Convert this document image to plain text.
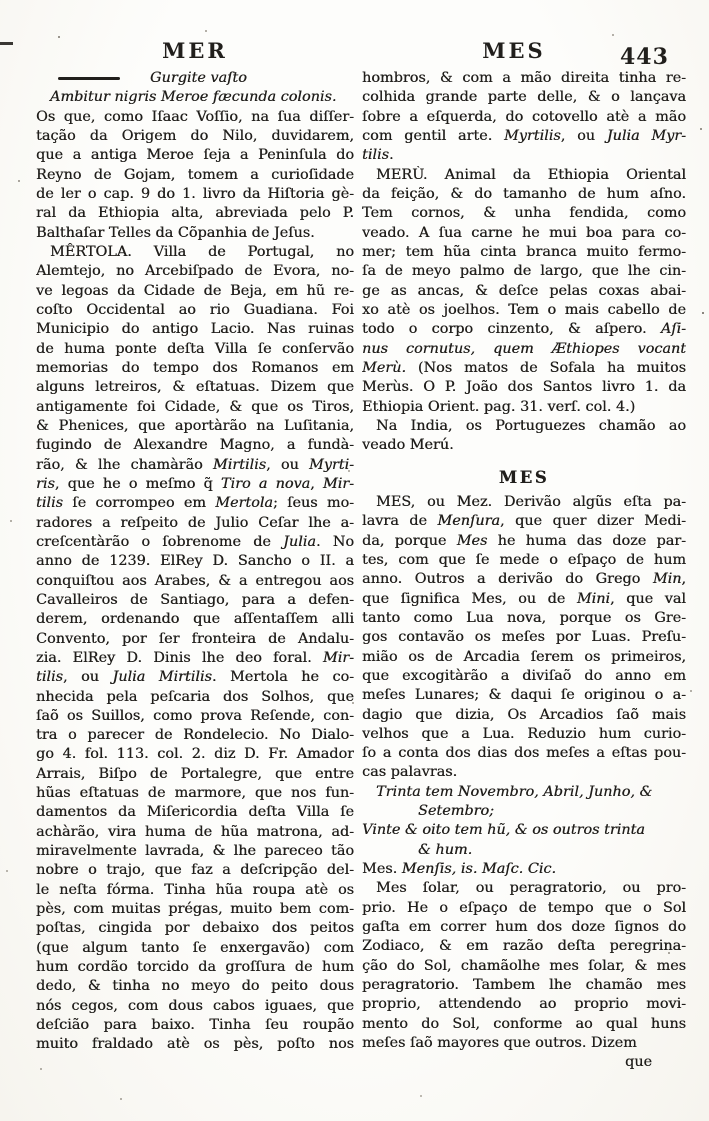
MER	MES	443
Gurgite vaſto
Ambitur nigris Meroe fæcunda colonis.
Os que, como Iſaac Voſſio, na ſua diſſer-
tação da Origem do Nilo, duvidarem,
que a antiga Meroe ſeja a Peninſula do
Reyno de Gojam, tomem a curioſidade
de ler o cap. 9 do 1. livro da Hiſtoria gè-
ral da Ethiopia alta, abreviada pelo P.
Balthaſar Telles da Cõpanhia de Jeſus.
MÊRTOLA. Villa de Portugal, no
Alemtejo, no Arcebiſpado de Evora, no-
ve legoas da Cidade de Beja, em hũ re-
coſto Occidental ao rio Guadiana. Foi
Municipio do antigo Lacio. Nas ruinas
de huma ponte deſta Villa ſe conſervão
memorias do tempo dos Romanos em
alguns letreiros, & eſtatuas. Dizem que
antigamente foi Cidade, & que os Tiros,
& Phenices, que aportàrão na Luſitania,
fugindo de Alexandre Magno, a fundà-
rão, & lhe chamàrão Mirtilis, ou Myrti-
ris, que he o meſmo q̃ Tiro a nova, Mir-
tilis ſe corrompeo em Mertola; ſeus mo-
radores a reſpeito de Julio Ceſar lhe a-
creſcentàrão o ſobrenome de Julia. No
anno de 1239. ElRey D. Sancho o II. a
conquiſtou aos Arabes, & a entregou aos
Cavalleiros de Santiago, para a defen-
derem, ordenando que aſſentaſſem alli
Convento, por ſer fronteira de Andalu-
zia. ElRey D. Dinis lhe deo foral. Mir-
tilis, ou Julia Mirtilis. Mertola he co-
nhecida pela peſcaria dos Solhos, que
ſaõ os Suillos, como prova Reſende, con-
tra o parecer de Rondelecio. No Dialo-
go 4. fol. 113. col. 2. diz D. Fr. Amador
Arrais, Biſpo de Portalegre, que entre
hũas eſtatuas de marmore, que nos fun-
damentos da Miſericordia deſta Villa ſe
achàrão, vira huma de hũa matrona, ad-
miravelmente lavrada, & lhe pareceo tão
nobre o trajo, que faz a deſcripção del-
le neſta fórma. Tinha hũa roupa atè os
pès, com muitas prégas, muito bem com-
poſtas, cingida por debaixo dos peitos
(que algum tanto ſe enxergavão) com
hum cordão torcido da groſſura de hum
dedo, & tinha no meyo do peito dous
nós cegos, com dous cabos iguaes, que
deſcião para baixo. Tinha ſeu roupão
muito fraldado atè os pès, poſto nos
hombros, & com a mão direita tinha re-
colhida grande parte delle, & o lançava
ſobre a eſquerda, do cotovello atè a mão
com gentil arte. Myrtilis, ou Julia Myr-
tilis.
MERÙ. Animal da Ethiopia Oriental
da feição, & do tamanho de hum aſno.
Tem cornos, & unha fendida, como
veado. A ſua carne he mui boa para co-
mer; tem hũa cinta branca muito fermo-
ſa de meyo palmo de largo, que lhe cin-
ge as ancas, & deſce pelas coxas abai-
xo atè os joelhos. Tem o mais cabello de
todo o corpo cinzento, & aſpero. Aſi-
nus cornutus, quem Æthiopes vocant
Merù. (Nos matos de Sofala ha muitos
Merùs. O P. João dos Santos livro 1. da
Ethiopia Orient. pag. 31. verſ. col. 4.)
Na India, os Portuguezes chamão ao
veado Merú.
MES
MES, ou Mez. Derivão algũs eſta pa-
lavra de Menſura, que quer dizer Medi-
da, porque Mes he huma das doze par-
tes, com que ſe mede o eſpaço de hum
anno. Outros a derivão do Grego Min,
que ſignifica Mes, ou de Mini, que val
tanto como Lua nova, porque os Gre-
gos contavão os meſes por Luas. Preſu-
mião os de Arcadia ſerem os primeiros,
que excogitàrão a diviſaõ do anno em
meſes Lunares; & daqui ſe originou o a-
dagio que dizia, Os Arcadios ſaõ mais
velhos que a Lua. Reduzio hum curio-
ſo a conta dos dias dos meſes a eſtas pou-
cas palavras.
Trinta tem Novembro, Abril, Junho, &
Setembro;
Vinte & oito tem hũ, & os outros trinta
& hum.
Mes. Menſis, is. Maſc. Cic.
Mes ſolar, ou peragratorio, ou pro-
prio. He o eſpaço de tempo que o Sol
gaſta em correr hum dos doze ſignos do
Zodiaco, & em razão deſta peregrina-
ção do Sol, chamãolhe mes ſolar, & mes
peragratorio. Tambem lhe chamão mes
proprio, attendendo ao proprio movi-
mento do Sol, conforme ao qual huns
meſes ſaõ mayores que outros. Dizem
que
